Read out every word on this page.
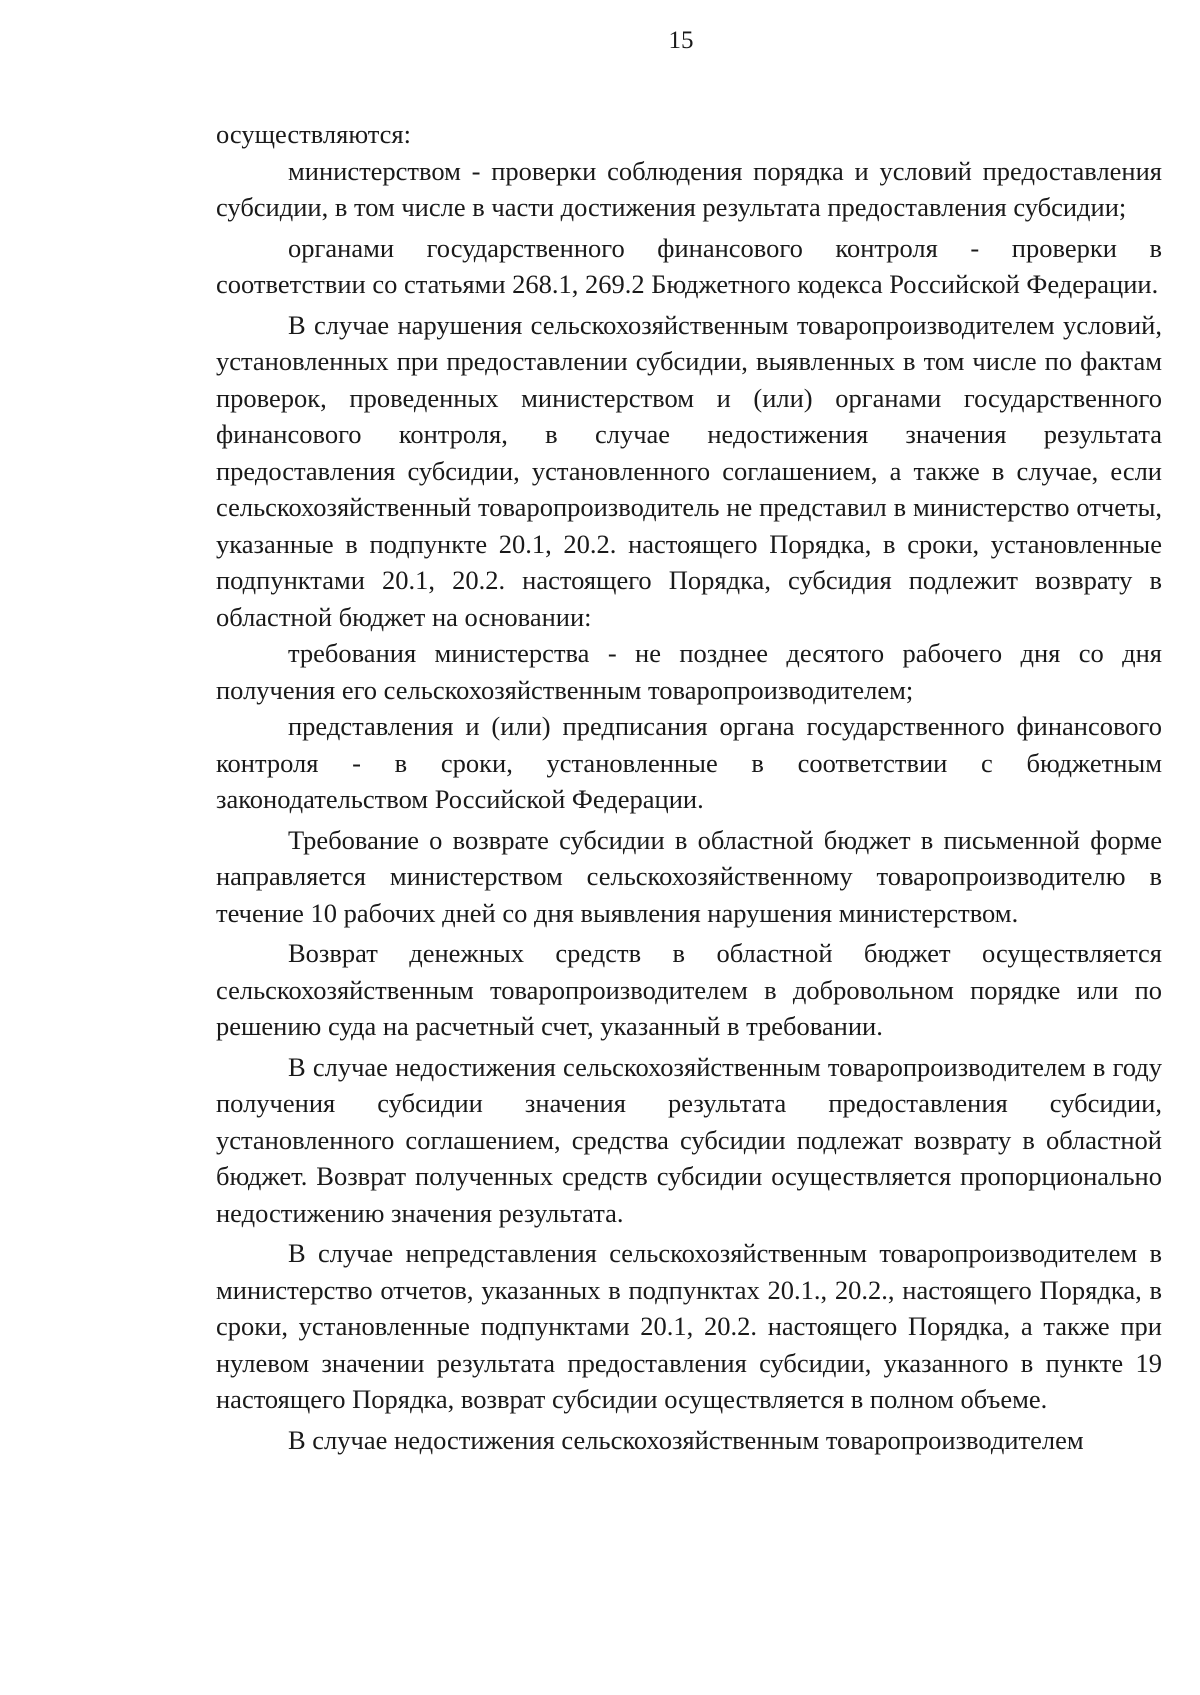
15

осуществляются:

министерством - проверки соблюдения порядка и условий предоставления субсидии, в том числе в части достижения результата предоставления субсидии;

органами государственного финансового контроля - проверки в соответствии со статьями 268.1, 269.2 Бюджетного кодекса Российской Федерации.

В случае нарушения сельскохозяйственным товаропроизводителем условий, установленных при предоставлении субсидии, выявленных в том числе по фактам проверок, проведенных министерством и (или) органами государственного финансового контроля, в случае недостижения значения результата предоставления субсидии, установленного соглашением, а также в случае, если сельскохозяйственный товаропроизводитель не представил в министерство отчеты, указанные в подпункте 20.1, 20.2. настоящего Порядка, в сроки, установленные подпунктами 20.1, 20.2. настоящего Порядка, субсидия подлежит возврату в областной бюджет на основании:

требования министерства - не позднее десятого рабочего дня со дня получения его сельскохозяйственным товаропроизводителем;

представления и (или) предписания органа государственного финансового контроля - в сроки, установленные в соответствии с бюджетным законодательством Российской Федерации.

Требование о возврате субсидии в областной бюджет в письменной форме направляется министерством сельскохозяйственному товаропроизводителю в течение 10 рабочих дней со дня выявления нарушения министерством.

Возврат денежных средств в областной бюджет осуществляется сельскохозяйственным товаропроизводителем в добровольном порядке или по решению суда на расчетный счет, указанный в требовании.

В случае недостижения сельскохозяйственным товаропроизводителем в году получения субсидии значения результата предоставления субсидии, установленного соглашением, средства субсидии подлежат возврату в областной бюджет. Возврат полученных средств субсидии осуществляется пропорционально недостижению значения результата.

В случае непредставления сельскохозяйственным товаропроизводителем в министерство отчетов, указанных в подпунктах 20.1., 20.2., настоящего Порядка, в сроки, установленные подпунктами 20.1, 20.2. настоящего Порядка, а также при нулевом значении результата предоставления субсидии, указанного в пункте 19 настоящего Порядка, возврат субсидии осуществляется в полном объеме.

В случае недостижения сельскохозяйственным товаропроизводителем
